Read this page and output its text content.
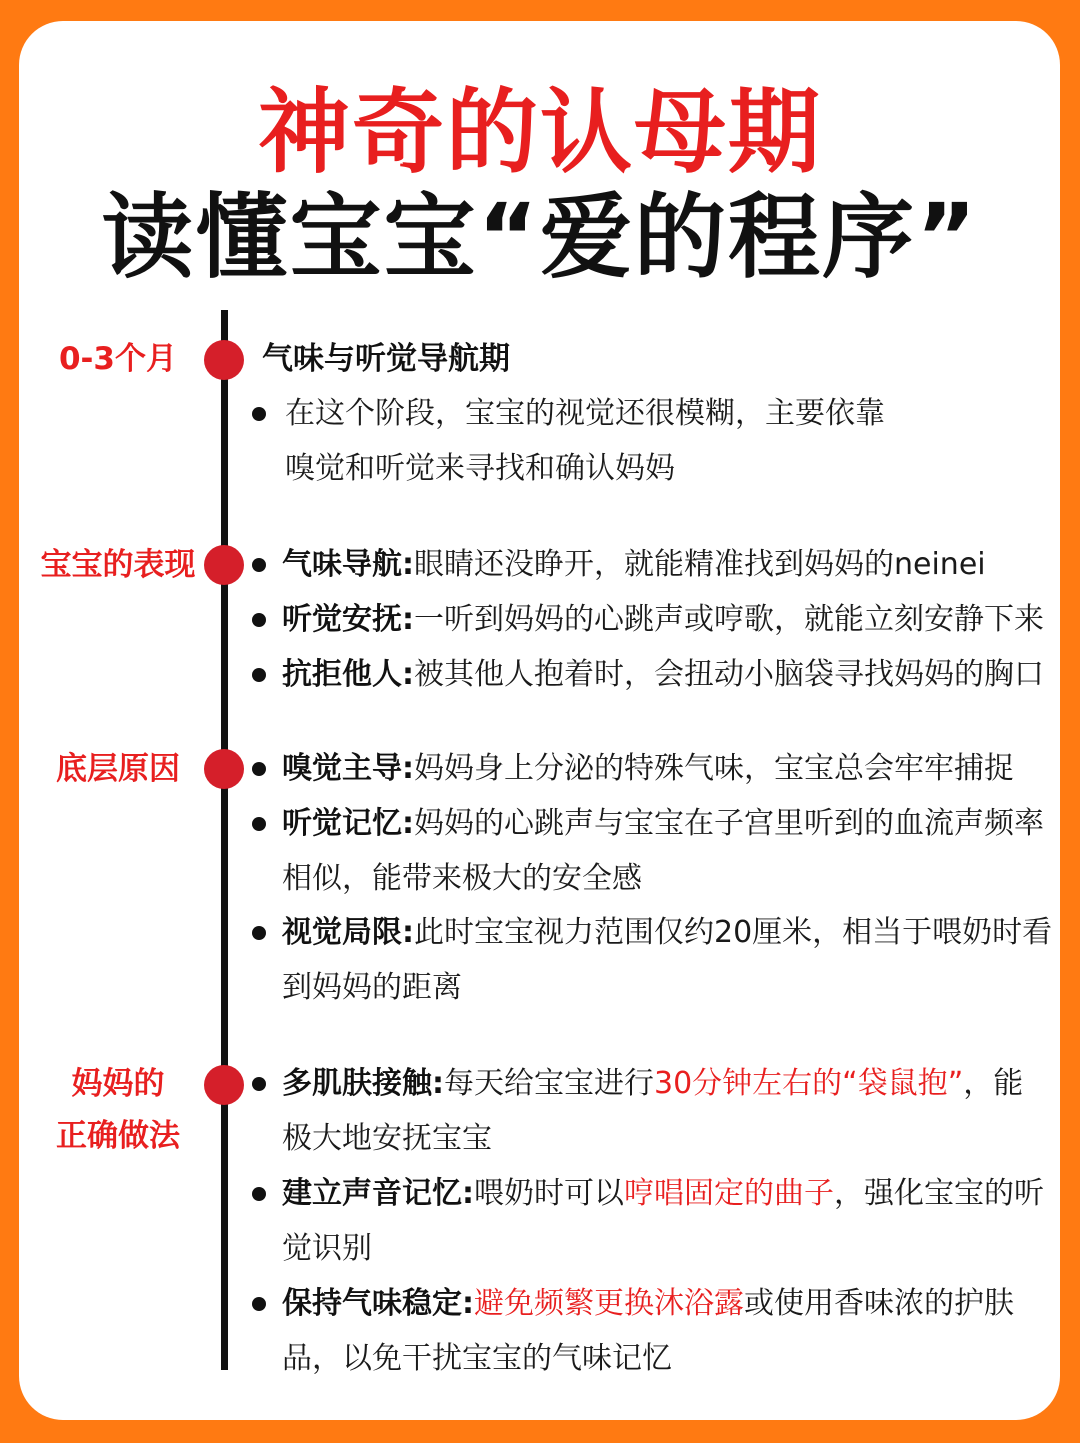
神奇的认母期
读懂宝宝“爱的程序”
0-3个月	气味与听觉导航期
在这个阶段，宝宝的视觉还很模糊，主要依靠
嗅觉和听觉来寻找和确认妈妈
宝宝的表现	气味导航:眼睛还没睁开，就能精准找到妈妈的neinei
听觉安抚:一听到妈妈的心跳声或哼歌，就能立刻安静下来
抗拒他人:被其他人抱着时，会扭动小脑袋寻找妈妈的胸口
底层原因	嗅觉主导:妈妈身上分泌的特殊气味，宝宝总会牢牢捕捉
听觉记忆:妈妈的心跳声与宝宝在子宫里听到的血流声频率
相似，能带来极大的安全感
视觉局限:此时宝宝视力范围仅约20厘米，相当于喂奶时看
到妈妈的距离
妈妈的
正确做法
多肌肤接触:每天给宝宝进行30分钟左右的“袋鼠抱”，能
极大地安抚宝宝
建立声音记忆:喂奶时可以哼唱固定的曲子，强化宝宝的听
觉识别
保持气味稳定:避免频繁更换沐浴露或使用香味浓的护肤
品，以免干扰宝宝的气味记忆
